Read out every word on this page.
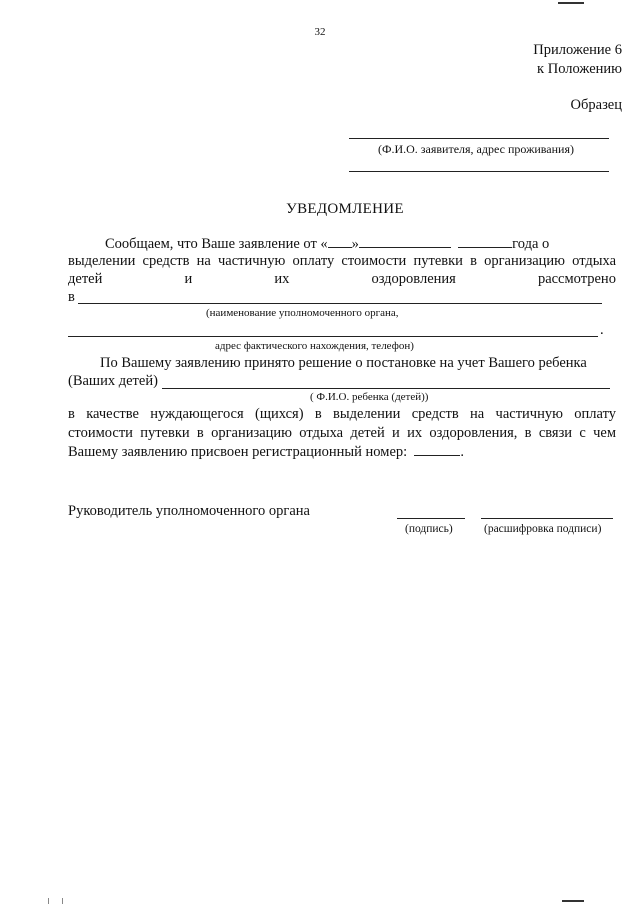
32
Приложение 6
к Положению
Образец
(Ф.И.О. заявителя, адрес проживания)
УВЕДОМЛЕНИЕ
Сообщаем, что Ваше заявление от « »	года о
выделении средств на частичную оплату стоимости путевки в организацию отдыха
детей	и	их	оздоровления	рассмотрено
в
(наименование уполномоченного органа,
.
адрес фактического нахождения, телефон)
По Вашему заявлению принято решение о постановке на учет Вашего ребенка
(Ваших детей)
( Ф.И.О. ребенка (детей))
в качестве нуждающегося (щихся) в выделении средств на частичную оплату
стоимости путевки в организацию отдыха детей и их оздоровления, в связи с чем
Вашему заявлению присвоен регистрационный номер:	.
Руководитель уполномоченного органа
(подпись)	(расшифровка подписи)
